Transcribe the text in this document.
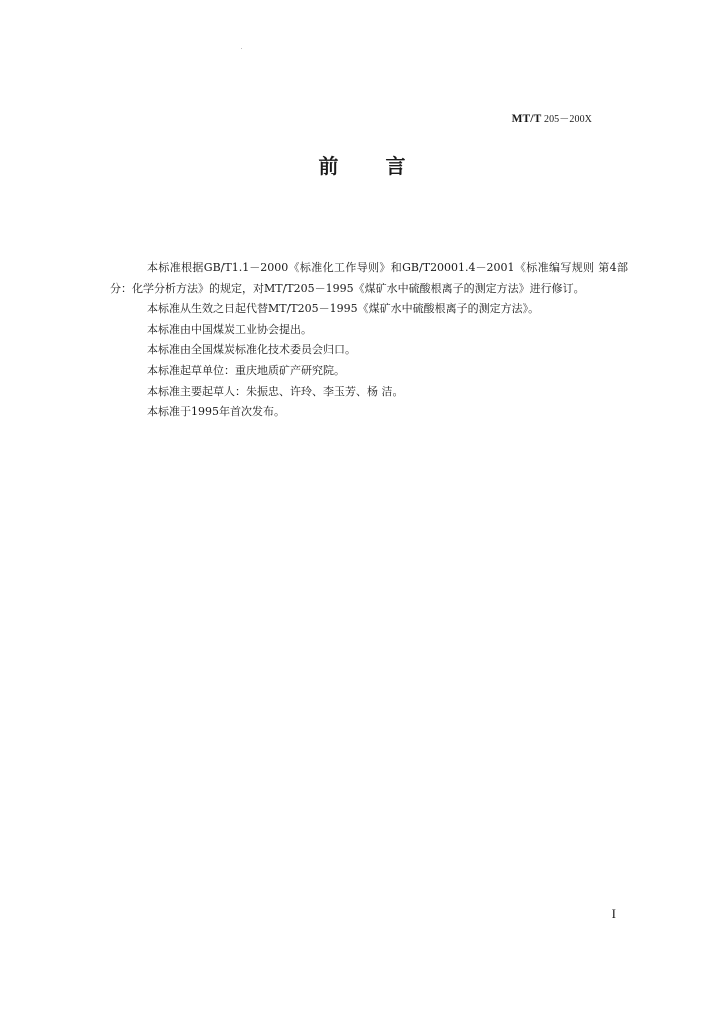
MT/T 205－200X
前 言

本标准根据GB/T1.1－2000《标准化工作导则》和GB/T20001.4－2001《标准编写规则 第4部分：化学分析方法》的规定，对MT/T205－1995《煤矿水中硫酸根离子的测定方法》进行修订。

本标准从生效之日起代替MT/T205－1995《煤矿水中硫酸根离子的测定方法》。

本标准由中国煤炭工业协会提出。

本标准由全国煤炭标准化技术委员会归口。

本标准起草单位：重庆地质矿产研究院。

本标准主要起草人：朱振忠、许玲、李玉芳、杨 洁。

本标准于1995年首次发布。

I
